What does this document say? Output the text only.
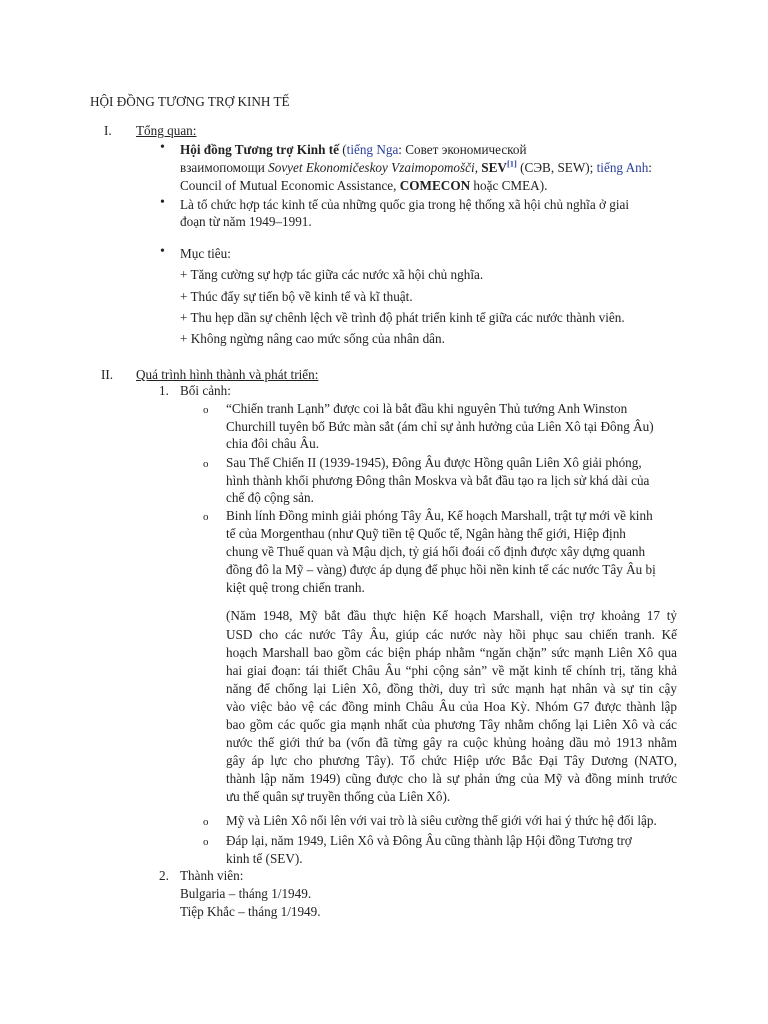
HỘI ĐỒNG TƯƠNG TRỢ KINH TẾ
I. Tổng quan:
• Hội đồng Tương trợ Kinh tế (tiếng Nga: Совет экономической
взаимопомощи Sovyet Ekonomičeskoy Vzaimopomošči, SEV[1] (СЭВ, SEW); tiếng Anh:
Council of Mutual Economic Assistance, COMECON hoặc CMEA).
• Là tổ chức hợp tác kinh tế của những quốc gia trong hệ thống xã hội chủ nghĩa ở giai
đoạn từ năm 1949–1991.
• Mục tiêu:
+ Tăng cường sự hợp tác giữa các nước xã hội chủ nghĩa.
+ Thúc đẩy sự tiến bộ về kinh tế và kĩ thuật.
+ Thu hẹp dần sự chênh lệch về trình độ phát triển kinh tế giữa các nước thành viên.
+ Không ngừng nâng cao mức sống của nhân dân.
II. Quá trình hình thành và phát triển:
1. Bối cảnh:
o “Chiến tranh Lạnh” được coi là bắt đầu khi nguyên Thủ tướng Anh Winston
Churchill tuyên bố Bức màn sắt (ám chỉ sự ảnh hưởng của Liên Xô tại Đông Âu)
chia đôi châu Âu.
o Sau Thế Chiến II (1939-1945), Đông Âu được Hồng quân Liên Xô giải phóng,
hình thành khối phương Đông thân Moskva và bắt đầu tạo ra lịch sử khá dài của
chế độ cộng sản.
o Binh lính Đồng minh giải phóng Tây Âu, Kế hoạch Marshall, trật tự mới về kinh
tế của Morgenthau (như Quỹ tiền tệ Quốc tế, Ngân hàng thế giới, Hiệp định
chung về Thuế quan và Mậu dịch, tỷ giá hối đoái cố định được xây dựng quanh
đồng đô la Mỹ – vàng) được áp dụng để phục hồi nền kinh tế các nước Tây Âu bị
kiệt quệ trong chiến tranh.
(Năm 1948, Mỹ bắt đầu thực hiện Kế hoạch Marshall, viện trợ khoảng 17 tỷ
USD cho các nước Tây Âu, giúp các nước này hồi phục sau chiến tranh. Kế
hoạch Marshall bao gồm các biện pháp nhằm “ngăn chặn” sức mạnh Liên Xô qua
hai giai đoạn: tái thiết Châu Âu “phi cộng sản” về mặt kinh tế chính trị, tăng khả
năng để chống lại Liên Xô, đồng thời, duy trì sức mạnh hạt nhân và sự tin cậy
vào việc bảo vệ các đồng minh Châu Âu của Hoa Kỳ. Nhóm G7 được thành lập
bao gồm các quốc gia mạnh nhất của phương Tây nhằm chống lại Liên Xô và các
nước thế giới thứ ba (vốn đã từng gây ra cuộc khủng hoảng dầu mỏ 1913 nhằm
gây áp lực cho phương Tây). Tổ chức Hiệp ước Bắc Đại Tây Dương (NATO,
thành lập năm 1949) cũng được cho là sự phản ứng của Mỹ và đồng minh trước
ưu thế quân sự truyền thống của Liên Xô).
o Mỹ và Liên Xô nổi lên với vai trò là siêu cường thế giới với hai ý thức hệ đối lập.
o Đáp lại, năm 1949, Liên Xô và Đông Âu cũng thành lập Hội đồng Tương trợ
kinh tế (SEV).
2. Thành viên:
Bulgaria – tháng 1/1949.
Tiệp Khắc – tháng 1/1949.
